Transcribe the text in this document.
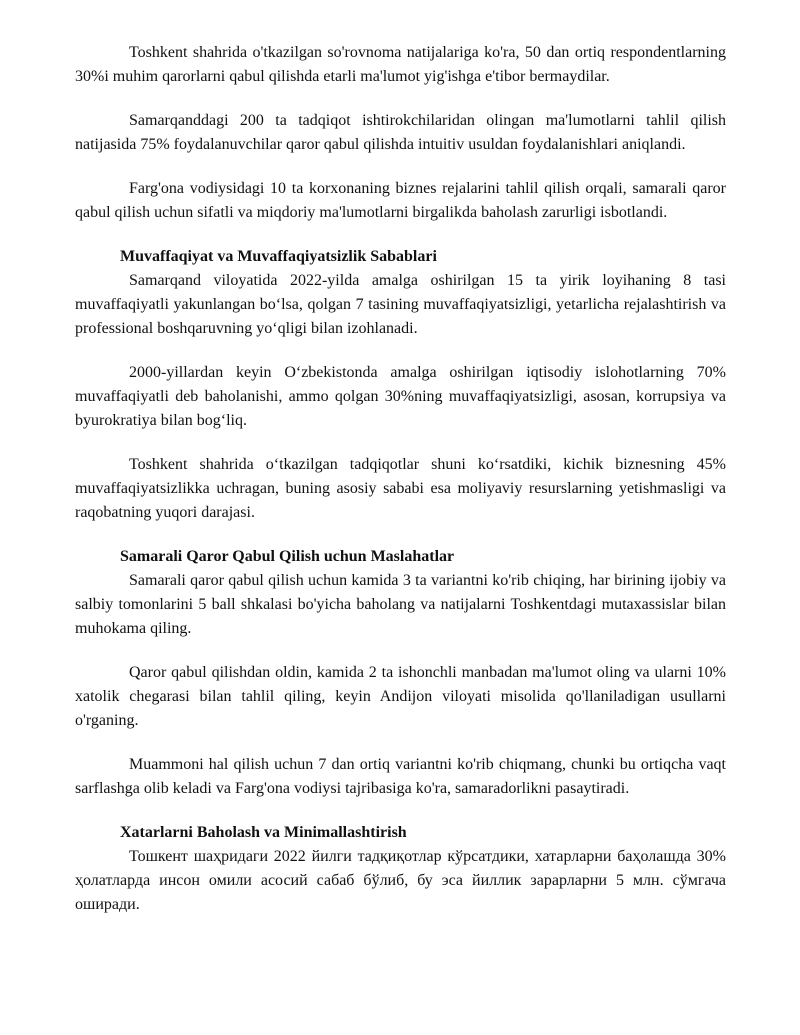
Toshkent shahrida o'tkazilgan so'rovnoma natijalariga ko'ra, 50 dan ortiq respondentlarning 30%i muhim qarorlarni qabul qilishda etarli ma'lumot yig'ishga e'tibor bermaydilar.

Samarqanddagi 200 ta tadqiqot ishtirokchilaridan olingan ma'lumotlarni tahlil qilish natijasida 75% foydalanuvchilar qaror qabul qilishda intuitiv usuldan foydalanishlari aniqlandi.

Farg'ona vodiysidagi 10 ta korxonaning biznes rejalarini tahlil qilish orqali, samarali qaror qabul qilish uchun sifatli va miqdoriy ma'lumotlarni birgalikda baholash zarurligi isbotlandi.

Muvaffaqiyat va Muvaffaqiyatsizlik Sabablari

Samarqand viloyatida 2022-yilda amalga oshirilgan 15 ta yirik loyihaning 8 tasi muvaffaqiyatli yakunlangan bo‘lsa, qolgan 7 tasining muvaffaqiyatsizligi, yetarlicha rejalashtirish va professional boshqaruvning yo‘qligi bilan izohlanadi.

2000-yillardan keyin O‘zbekistonda amalga oshirilgan iqtisodiy islohotlarning 70% muvaffaqiyatli deb baholanishi, ammo qolgan 30%ning muvaffaqiyatsizligi, asosan, korrupsiya va byurokratiya bilan bog‘liq.

Toshkent shahrida o‘tkazilgan tadqiqotlar shuni ko‘rsatdiki, kichik biznesning 45% muvaffaqiyatsizlikka uchragan, buning asosiy sababi esa moliyaviy resurslarning yetishmasligi va raqobatning yuqori darajasi.

Samarali Qaror Qabul Qilish uchun Maslahatlar

Samarali qaror qabul qilish uchun kamida 3 ta variantni ko'rib chiqing, har birining ijobiy va salbiy tomonlarini 5 ball shkalasi bo'yicha baholang va natijalarni Toshkentdagi mutaxassislar bilan muhokama qiling.

Qaror qabul qilishdan oldin, kamida 2 ta ishonchli manbadan ma'lumot oling va ularni 10% xatolik chegarasi bilan tahlil qiling, keyin Andijon viloyati misolida qo'llaniladigan usullarni o'rganing.

Muammoni hal qilish uchun 7 dan ortiq variantni ko'rib chiqmang, chunki bu ortiqcha vaqt sarflashga olib keladi va Farg'ona vodiysi tajribasiga ko'ra, samaradorlikni pasaytiradi.

Xatarlarni Baholash va Minimallashtirish

Тошкент шаҳридаги 2022 йилги тадқиқотлар кўрсатдики, хатарларни баҳолашда 30% ҳолатларда инсон омили асосий сабаб бўлиб, бу эса йиллик зарарларни 5 млн. сўмгача оширади.
